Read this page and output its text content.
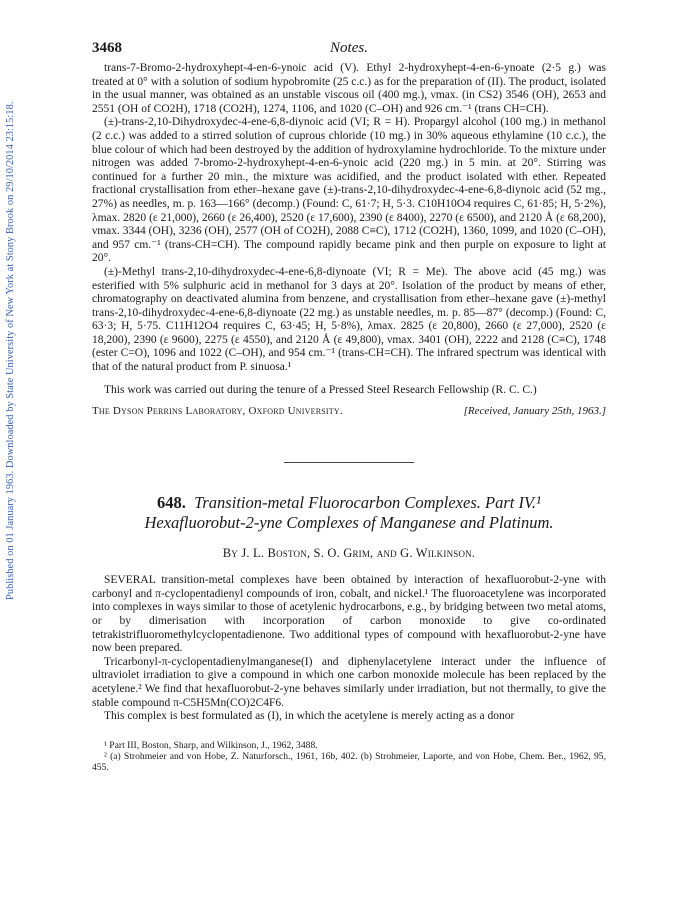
Published on 01 January 1963. Downloaded by State University of New York at Stony Brook on 29/10/2014 23:15:18.
3468	Notes.

trans-7-Bromo-2-hydroxyhept-4-en-6-ynoic acid (V). Ethyl 2-hydroxyhept-4-en-6-ynoate (2·5 g.) was treated at 0° with a solution of sodium hypobromite (25 c.c.) as for the preparation of (II). The product, isolated in the usual manner, was obtained as an unstable viscous oil (400 mg.), νmax. (in CS2) 3546 (OH), 2653 and 2551 (OH of CO2H), 1718 (CO2H), 1274, 1106, and 1020 (C–OH) and 926 cm.⁻¹ (trans CH=CH).

(±)-trans-2,10-Dihydroxydec-4-ene-6,8-diynoic acid (VI; R = H). Propargyl alcohol (100 mg.) in methanol (2 c.c.) was added to a stirred solution of cuprous chloride (10 mg.) in 30% aqueous ethylamine (10 c.c.), the blue colour of which had been destroyed by the addition of hydroxylamine hydrochloride. To the mixture under nitrogen was added 7-bromo-2-hydroxyhept-4-en-6-ynoic acid (220 mg.) in 5 min. at 20°. Stirring was continued for a further 20 min., the mixture was acidified, and the product isolated with ether. Repeated fractional crystallisation from ether–hexane gave (±)-trans-2,10-dihydroxydec-4-ene-6,8-diynoic acid (52 mg., 27%) as needles, m. p. 163—166° (decomp.) (Found: C, 61·7; H, 5·3. C10H10O4 requires C, 61·85; H, 5·2%), λmax. 2820 (ε 21,000), 2660 (ε 26,400), 2520 (ε 17,600), 2390 (ε 8400), 2270 (ε 6500), and 2120 Å (ε 68,200), νmax. 3344 (OH), 3236 (OH), 2577 (OH of CO2H), 2088 C≡C), 1712 (CO2H), 1360, 1099, and 1020 (C–OH), and 957 cm.⁻¹ (trans-CH=CH). The compound rapidly became pink and then purple on exposure to light at 20°.

(±)-Methyl trans-2,10-dihydroxydec-4-ene-6,8-diynoate (VI; R = Me). The above acid (45 mg.) was esterified with 5% sulphuric acid in methanol for 3 days at 20°. Isolation of the product by means of ether, chromatography on deactivated alumina from benzene, and crystallisation from ether–hexane gave (±)-methyl trans-2,10-dihydroxydec-4-ene-6,8-diynoate (22 mg.) as unstable needles, m. p. 85—87° (decomp.) (Found: C, 63·3; H, 5·75. C11H12O4 requires C, 63·45; H, 5·8%), λmax. 2825 (ε 20,800), 2660 (ε 27,000), 2520 (ε 18,200), 2390 (ε 9600), 2275 (ε 4550), and 2120 Å (ε 49,800), νmax. 3401 (OH), 2222 and 2128 (C≡C), 1748 (ester C=O), 1096 and 1022 (C–OH), and 954 cm.⁻¹ (trans-CH=CH). The infrared spectrum was identical with that of the natural product from P. sinuosa.¹

This work was carried out during the tenure of a Pressed Steel Research Fellowship (R. C. C.)

The Dyson Perrins Laboratory, Oxford University.	[Received, January 25th, 1963.]

648. Transition-metal Fluorocarbon Complexes. Part IV.¹

Hexafluorobut-2-yne Complexes of Manganese and Platinum.

By J. L. Boston, S. O. Grim, and G. Wilkinson.

SEVERAL transition-metal complexes have been obtained by interaction of hexafluorobut-2-yne with carbonyl and π-cyclopentadienyl compounds of iron, cobalt, and nickel.¹ The fluoroacetylene was incorporated into complexes in ways similar to those of acetylenic hydrocarbons, e.g., by bridging between two metal atoms, or by dimerisation with incorporation of carbon monoxide to give co-ordinated tetrakistrifluoromethylcyclopentadienone. Two additional types of compound with hexafluorobut-2-yne have now been prepared.

Tricarbonyl-π-cyclopentadienylmanganese(I) and diphenylacetylene interact under the influence of ultraviolet irradiation to give a compound in which one carbon monoxide molecule has been replaced by the acetylene.² We find that hexafluorobut-2-yne behaves similarly under irradiation, but not thermally, to give the stable compound π-C5H5Mn(CO)2C4F6.

This complex is best formulated as (I), in which the acetylene is merely acting as a donor

¹ Part III, Boston, Sharp, and Wilkinson, J., 1962, 3488.

² (a) Strohmeier and von Hobe, Z. Naturforsch., 1961, 16b, 402. (b) Strohmeier, Laporte, and von Hobe, Chem. Ber., 1962, 95, 455.
